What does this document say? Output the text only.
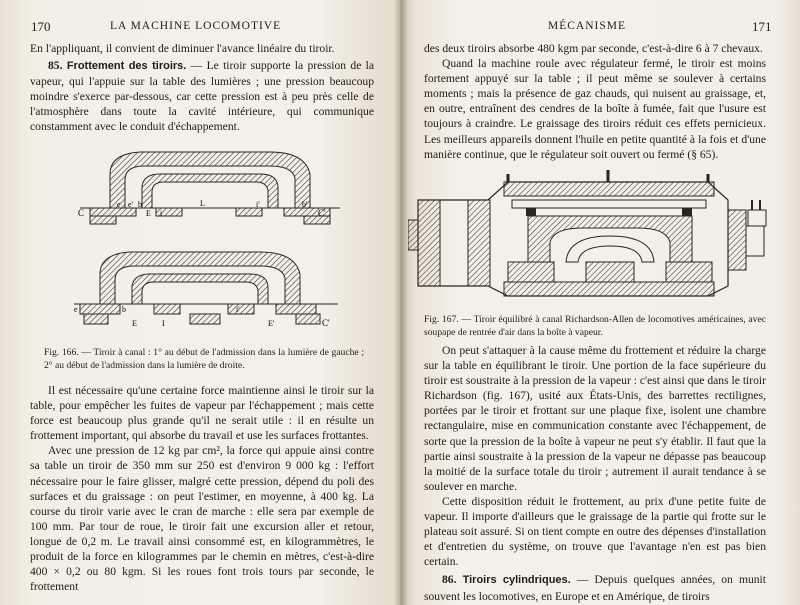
170	LA MACHINE LOCOMOTIVE

En l'appliquant, il convient de diminuer l'avance linéaire du tiroir.

85. Frottement des tiroirs. — Le tiroir supporte la pression de la vapeur, qui l'appuie sur la table des lumières ; une pression beaucoup moindre s'exerce par-dessous, car cette pression est à peu près celle de l'atmosphère dans toute la cavité intérieure, qui communique constamment avec le conduit d'échappement.

C
e e' b
E i
L	i'	b'
C'
e	b
E	I
i'
E'	C'
Fig. 166. — Tiroir à canal : 1° au début de l'admission dans la lumière de gauche ; 2° au début de l'admission dans la lumière de droite.

Il est nécessaire qu'une certaine force maintienne ainsi le tiroir sur la table, pour empêcher les fuites de vapeur par l'échappement ; mais cette force est beaucoup plus grande qu'il ne serait utile : il en résulte un frottement important, qui absorbe du travail et use les surfaces frottantes.

Avec une pression de 12 kg par cm², la force qui appuie ainsi contre sa table un tiroir de 350 mm sur 250 est d'environ 9 000 kg : l'effort nécessaire pour le faire glisser, malgré cette pression, dépend du poli des surfaces et du graissage : on peut l'estimer, en moyenne, à 400 kg. La course du tiroir varie avec le cran de marche : elle sera par exemple de 100 mm. Par tour de roue, le tiroir fait une excursion aller et retour, longue de 0,2 m. Le travail ainsi consommé est, en kilogrammètres, le produit de la force en kilogrammes par le chemin en mètres, c'est-à-dire 400 × 0,2 ou 80 kgm. Si les roues font trois tours par seconde, le frottement

MÉCANISME	171

des deux tiroirs absorbe 480 kgm par seconde, c'est-à-dire 6 à 7 chevaux.

Quand la machine roule avec régulateur fermé, le tiroir est moins fortement appuyé sur la table ; il peut même se soulever à certains moments ; mais la présence de gaz chauds, qui nuisent au graissage, et, en outre, entraînent des cendres de la boîte à fumée, fait que l'usure est toujours à craindre. Le graissage des tiroirs réduit ces effets pernicieux. Les meilleurs appareils donnent l'huile en petite quantité à la fois et d'une manière continue, que le régulateur soit ouvert ou fermé (§ 65).

Fig. 167. — Tiroir équilibré à canal Richardson-Allen de locomotives américaines, avec soupape de rentrée d'air dans la boîte à vapeur.

On peut s'attaquer à la cause même du frottement et réduire la charge sur la table en équilibrant le tiroir. Une portion de la face supérieure du tiroir est soustraite à la pression de la vapeur : c'est ainsi que dans le tiroir Richardson (fig. 167), usité aux États-Unis, des barrettes rectilignes, portées par le tiroir et frottant sur une plaque fixe, isolent une chambre rectangulaire, mise en communication constante avec l'échappement, de sorte que la pression de la boîte à vapeur ne peut s'y établir. Il faut que la partie ainsi soustraite à la pression de la vapeur ne dépasse pas beaucoup la moitié de la surface totale du tiroir ; autrement il aurait tendance à se soulever en marche.

Cette disposition réduit le frottement, au prix d'une petite fuite de vapeur. Il importe d'ailleurs que le graissage de la partie qui frotte sur le plateau soit assuré. Si on tient compte en outre des dépenses d'installation et d'entretien du système, on trouve que l'avantage n'en est pas bien certain.

86. Tiroirs cylindriques. — Depuis quelques années, on munit souvent les locomotives, en Europe et en Amérique, de tiroirs
